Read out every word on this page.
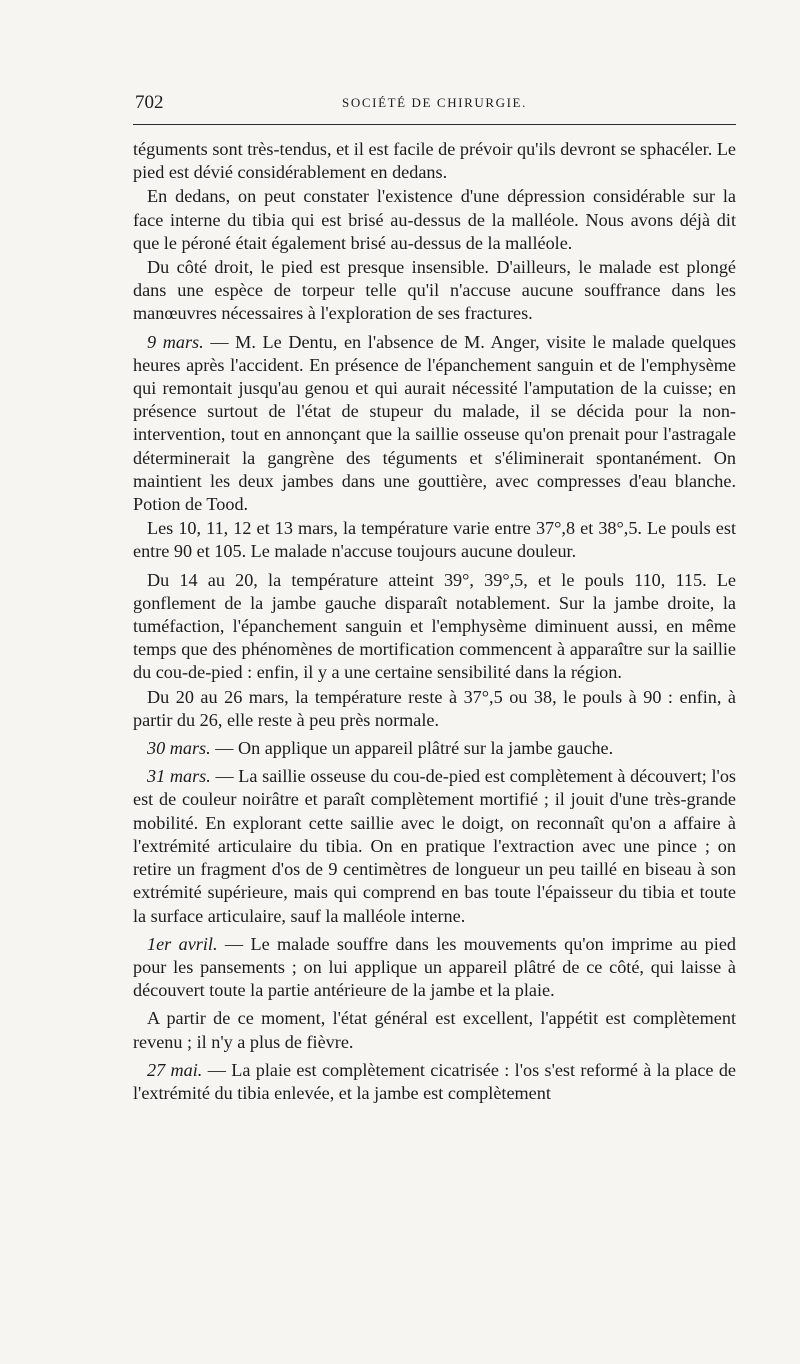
702	SOCIÉTÉ DE CHIRURGIE.

téguments sont très-tendus, et il est facile de prévoir qu'ils devront se sphacéler. Le pied est dévié considérablement en dedans.

En dedans, on peut constater l'existence d'une dépression considérable sur la face interne du tibia qui est brisé au-dessus de la malléole. Nous avons déjà dit que le péroné était également brisé au-dessus de la malléole.

Du côté droit, le pied est presque insensible. D'ailleurs, le malade est plongé dans une espèce de torpeur telle qu'il n'accuse aucune souffrance dans les manœuvres nécessaires à l'exploration de ses fractures.

9 mars. — M. Le Dentu, en l'absence de M. Anger, visite le malade quelques heures après l'accident. En présence de l'épanchement sanguin et de l'emphysème qui remontait jusqu'au genou et qui aurait nécessité l'amputation de la cuisse; en présence surtout de l'état de stupeur du malade, il se décida pour la non-intervention, tout en annonçant que la saillie osseuse qu'on prenait pour l'astragale déterminerait la gangrène des téguments et s'éliminerait spontanément. On maintient les deux jambes dans une gouttière, avec compresses d'eau blanche. Potion de Tood.

Les 10, 11, 12 et 13 mars, la température varie entre 37°,8 et 38°,5. Le pouls est entre 90 et 105. Le malade n'accuse toujours aucune douleur.

Du 14 au 20, la température atteint 39°, 39°,5, et le pouls 110, 115. Le gonflement de la jambe gauche disparaît notablement. Sur la jambe droite, la tuméfaction, l'épanchement sanguin et l'emphysème diminuent aussi, en même temps que des phénomènes de mortification commencent à apparaître sur la saillie du cou-de-pied : enfin, il y a une certaine sensibilité dans la région.

Du 20 au 26 mars, la température reste à 37°,5 ou 38, le pouls à 90 : enfin, à partir du 26, elle reste à peu près normale.

30 mars. — On applique un appareil plâtré sur la jambe gauche.

31 mars. — La saillie osseuse du cou-de-pied est complètement à découvert; l'os est de couleur noirâtre et paraît complètement mortifié ; il jouit d'une très-grande mobilité. En explorant cette saillie avec le doigt, on reconnaît qu'on a affaire à l'extrémité articulaire du tibia. On en pratique l'extraction avec une pince ; on retire un fragment d'os de 9 centimètres de longueur un peu taillé en biseau à son extrémité supérieure, mais qui comprend en bas toute l'épaisseur du tibia et toute la surface articulaire, sauf la malléole interne.

1er avril. — Le malade souffre dans les mouvements qu'on imprime au pied pour les pansements ; on lui applique un appareil plâtré de ce côté, qui laisse à découvert toute la partie antérieure de la jambe et la plaie.

A partir de ce moment, l'état général est excellent, l'appétit est complètement revenu ; il n'y a plus de fièvre.

27 mai. — La plaie est complètement cicatrisée : l'os s'est reformé à la place de l'extrémité du tibia enlevée, et la jambe est complètement
